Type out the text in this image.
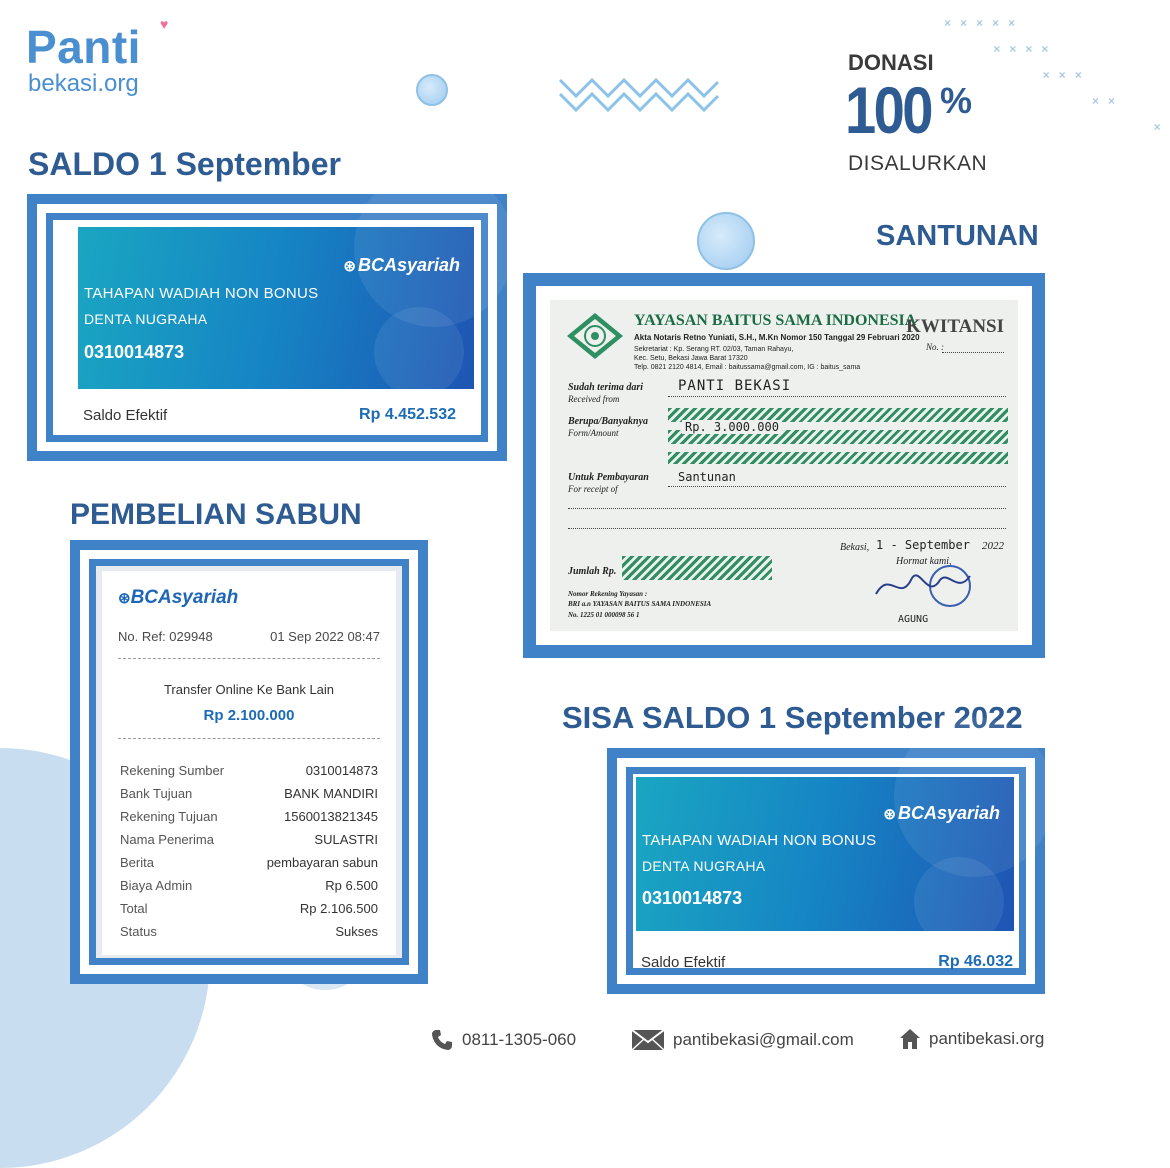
×××××
××××
×××
××
×
Panti ♥
bekasi.org
DONASI
100 %
DISALURKAN
SALDO 1 September
SANTUNAN
PEMBELIAN SABUN
SISA SALDO 1 September 2022
⊛ BCAsyariah
TAHAPAN WADIAH NON BONUS
DENTA NUGRAHA
0310014873
Saldo Efektif	Rp 4.452.532
YAYASAN BAITUS SAMA INDONESIA
Akta Notaris Retno Yuniati, S.H., M.Kn Nomor 150 Tanggal 29 Februari 2020
Sekretariat : Kp. Serang RT. 02/03, Taman Rahayu,
Kec. Setu, Bekasi Jawa Barat 17320
Telp. 0821 2120 4814, Email : baitussama@gmail.com, IG : baitus_sama
KWITANSI
No. :
Sudah terima dari
Received from
PANTI BEKASI
Berupa/Banyaknya
Form/Amount	Rp. 3.000.000
Untuk Pembayaran
For receipt of
Santunan
Bekasi, 1 - September 2022
Hormat kami,
Jumlah Rp.
AGUNG
Nomor Rekening Yayasan :
BRI a.n YAYASAN BAITUS SAMA INDONESIA
No. 1225 01 000098 56 1
⊛BCAsyariah
No. Ref: 029948	01 Sep 2022 08:47
Transfer Online Ke Bank Lain
Rp 2.100.000
Rekening Sumber	0310014873
Bank Tujuan	BANK MANDIRI
Rekening Tujuan	1560013821345
Nama Penerima	SULASTRI
Berita	pembayaran sabun
Biaya Admin	Rp 6.500
Total	Rp 2.106.500
Status	Sukses
⊛ BCAsyariah
TAHAPAN WADIAH NON BONUS
DENTA NUGRAHA
0310014873
Saldo Efektif	Rp 46.032
0811-1305-060	pantibekasi@gmail.com	pantibekasi.org
